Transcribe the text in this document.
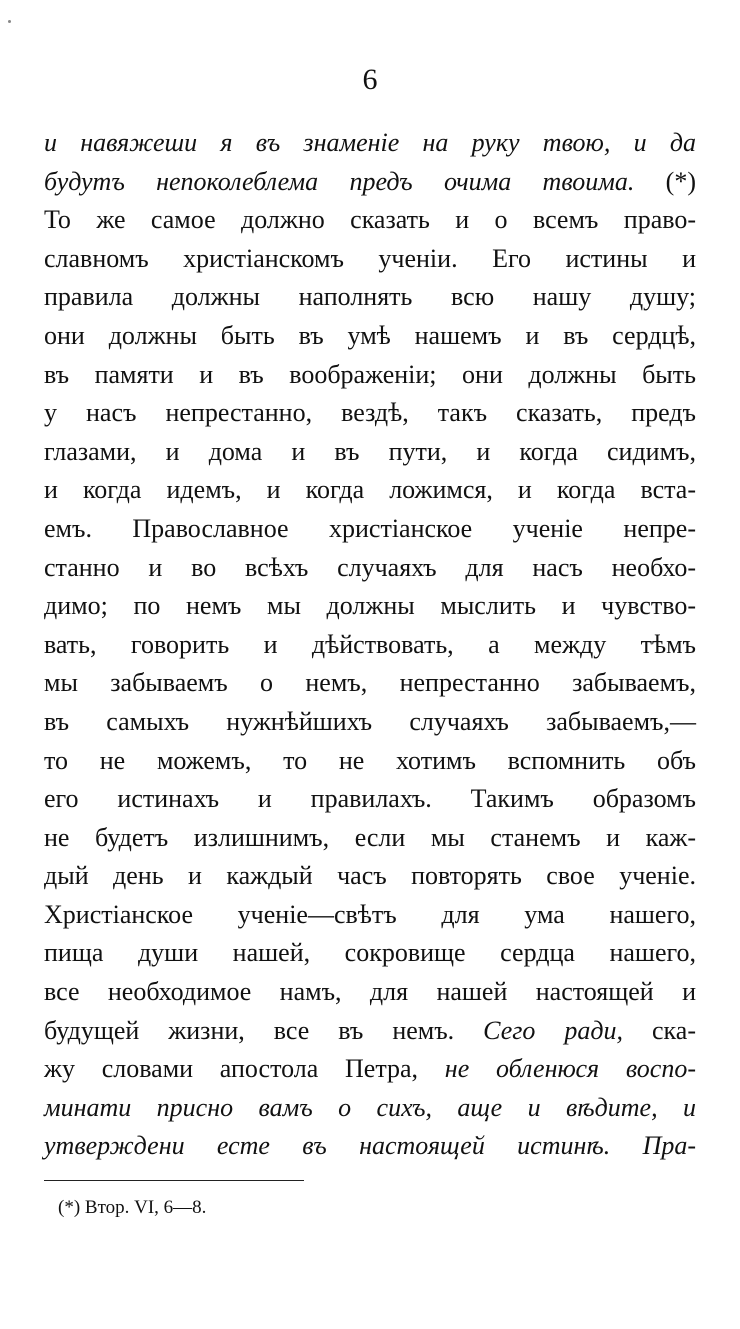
6
и навяжеши я въ знаменіе на руку твою, и да
будутъ непоколеблема предъ очима твоима. (*)
То же самое должно сказать и о всемъ право-
славномъ христіанскомъ ученіи. Его истины и
правила должны наполнять всю нашу душу;
они должны быть въ умѣ нашемъ и въ сердцѣ,
въ памяти и въ воображеніи; они должны быть
у насъ непрестанно, вездѣ, такъ сказать, предъ
глазами, и дома и въ пути, и когда сидимъ,
и когда идемъ, и когда ложимся, и когда вста-
емъ. Православное христіанское ученіе непре-
станно и во всѣхъ случаяхъ для насъ необхо-
димо; по немъ мы должны мыслить и чувство-
вать, говорить и дѣйствовать, а между тѣмъ
мы забываемъ о немъ, непрестанно забываемъ,
въ самыхъ нужнѣйшихъ случаяхъ забываемъ,—
то не можемъ, то не хотимъ вспомнить объ
его истинахъ и правилахъ. Такимъ образомъ
не будетъ излишнимъ, если мы станемъ и каж-
дый день и каждый часъ повторять свое ученіе.
Христіанское ученіе—свѣтъ для ума нашего,
пища души нашей, сокровище сердца нашего,
все необходимое намъ, для нашей настоящей и
будущей жизни, все въ немъ. Сего ради, ска-
жу словами апостола Петра, не обленюся воспо-
минати присно вамъ о сихъ, аще и вѣдите, и
утверждени есте въ настоящей истинѣ. Пра-
(*) Втор. VI, 6—8.
